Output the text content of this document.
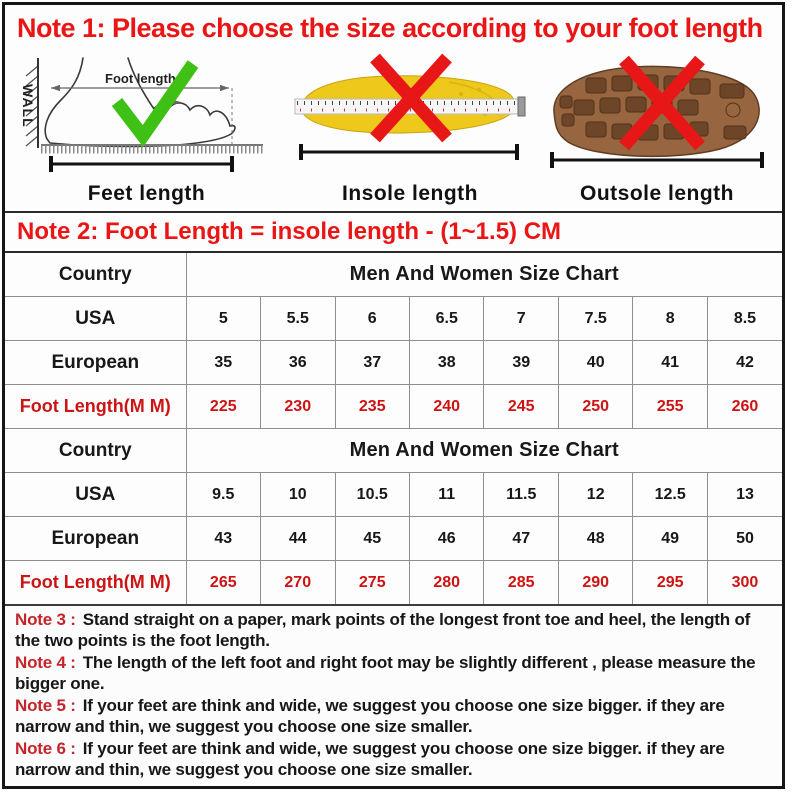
Note 1: Please choose the size according to your foot length
WALL
Foot length
Feet length	Insole length	Outsole length
Note 2: Foot Length = insole length - (1~1.5) CM
Country	Men And Women Size Chart							
USA	5	5.5	6	6.5	7	7.5	8	8.5
European	35	36	37	38	39	40	41	42
Foot Length(M M)	225	230	235	240	245	250	255	260
Country	Men And Women Size Chart							
USA	9.5	10	10.5	11	11.5	12	12.5	13
European	43	44	45	46	47	48	49	50
Foot Length(M M)	265	270	275	280	285	290	295	300

Note 3 : Stand straight on a paper, mark points of the longest front toe and heel, the length of the two points is the foot length.

Note 4 : The length of the left foot and right foot may be slightly different , please measure the bigger one.

Note 5 : If your feet are think and wide, we suggest you choose one size bigger. if they are narrow and thin, we suggest you choose one size smaller.

Note 6 : If your feet are think and wide, we suggest you choose one size bigger. if they are narrow and thin, we suggest you choose one size smaller.
